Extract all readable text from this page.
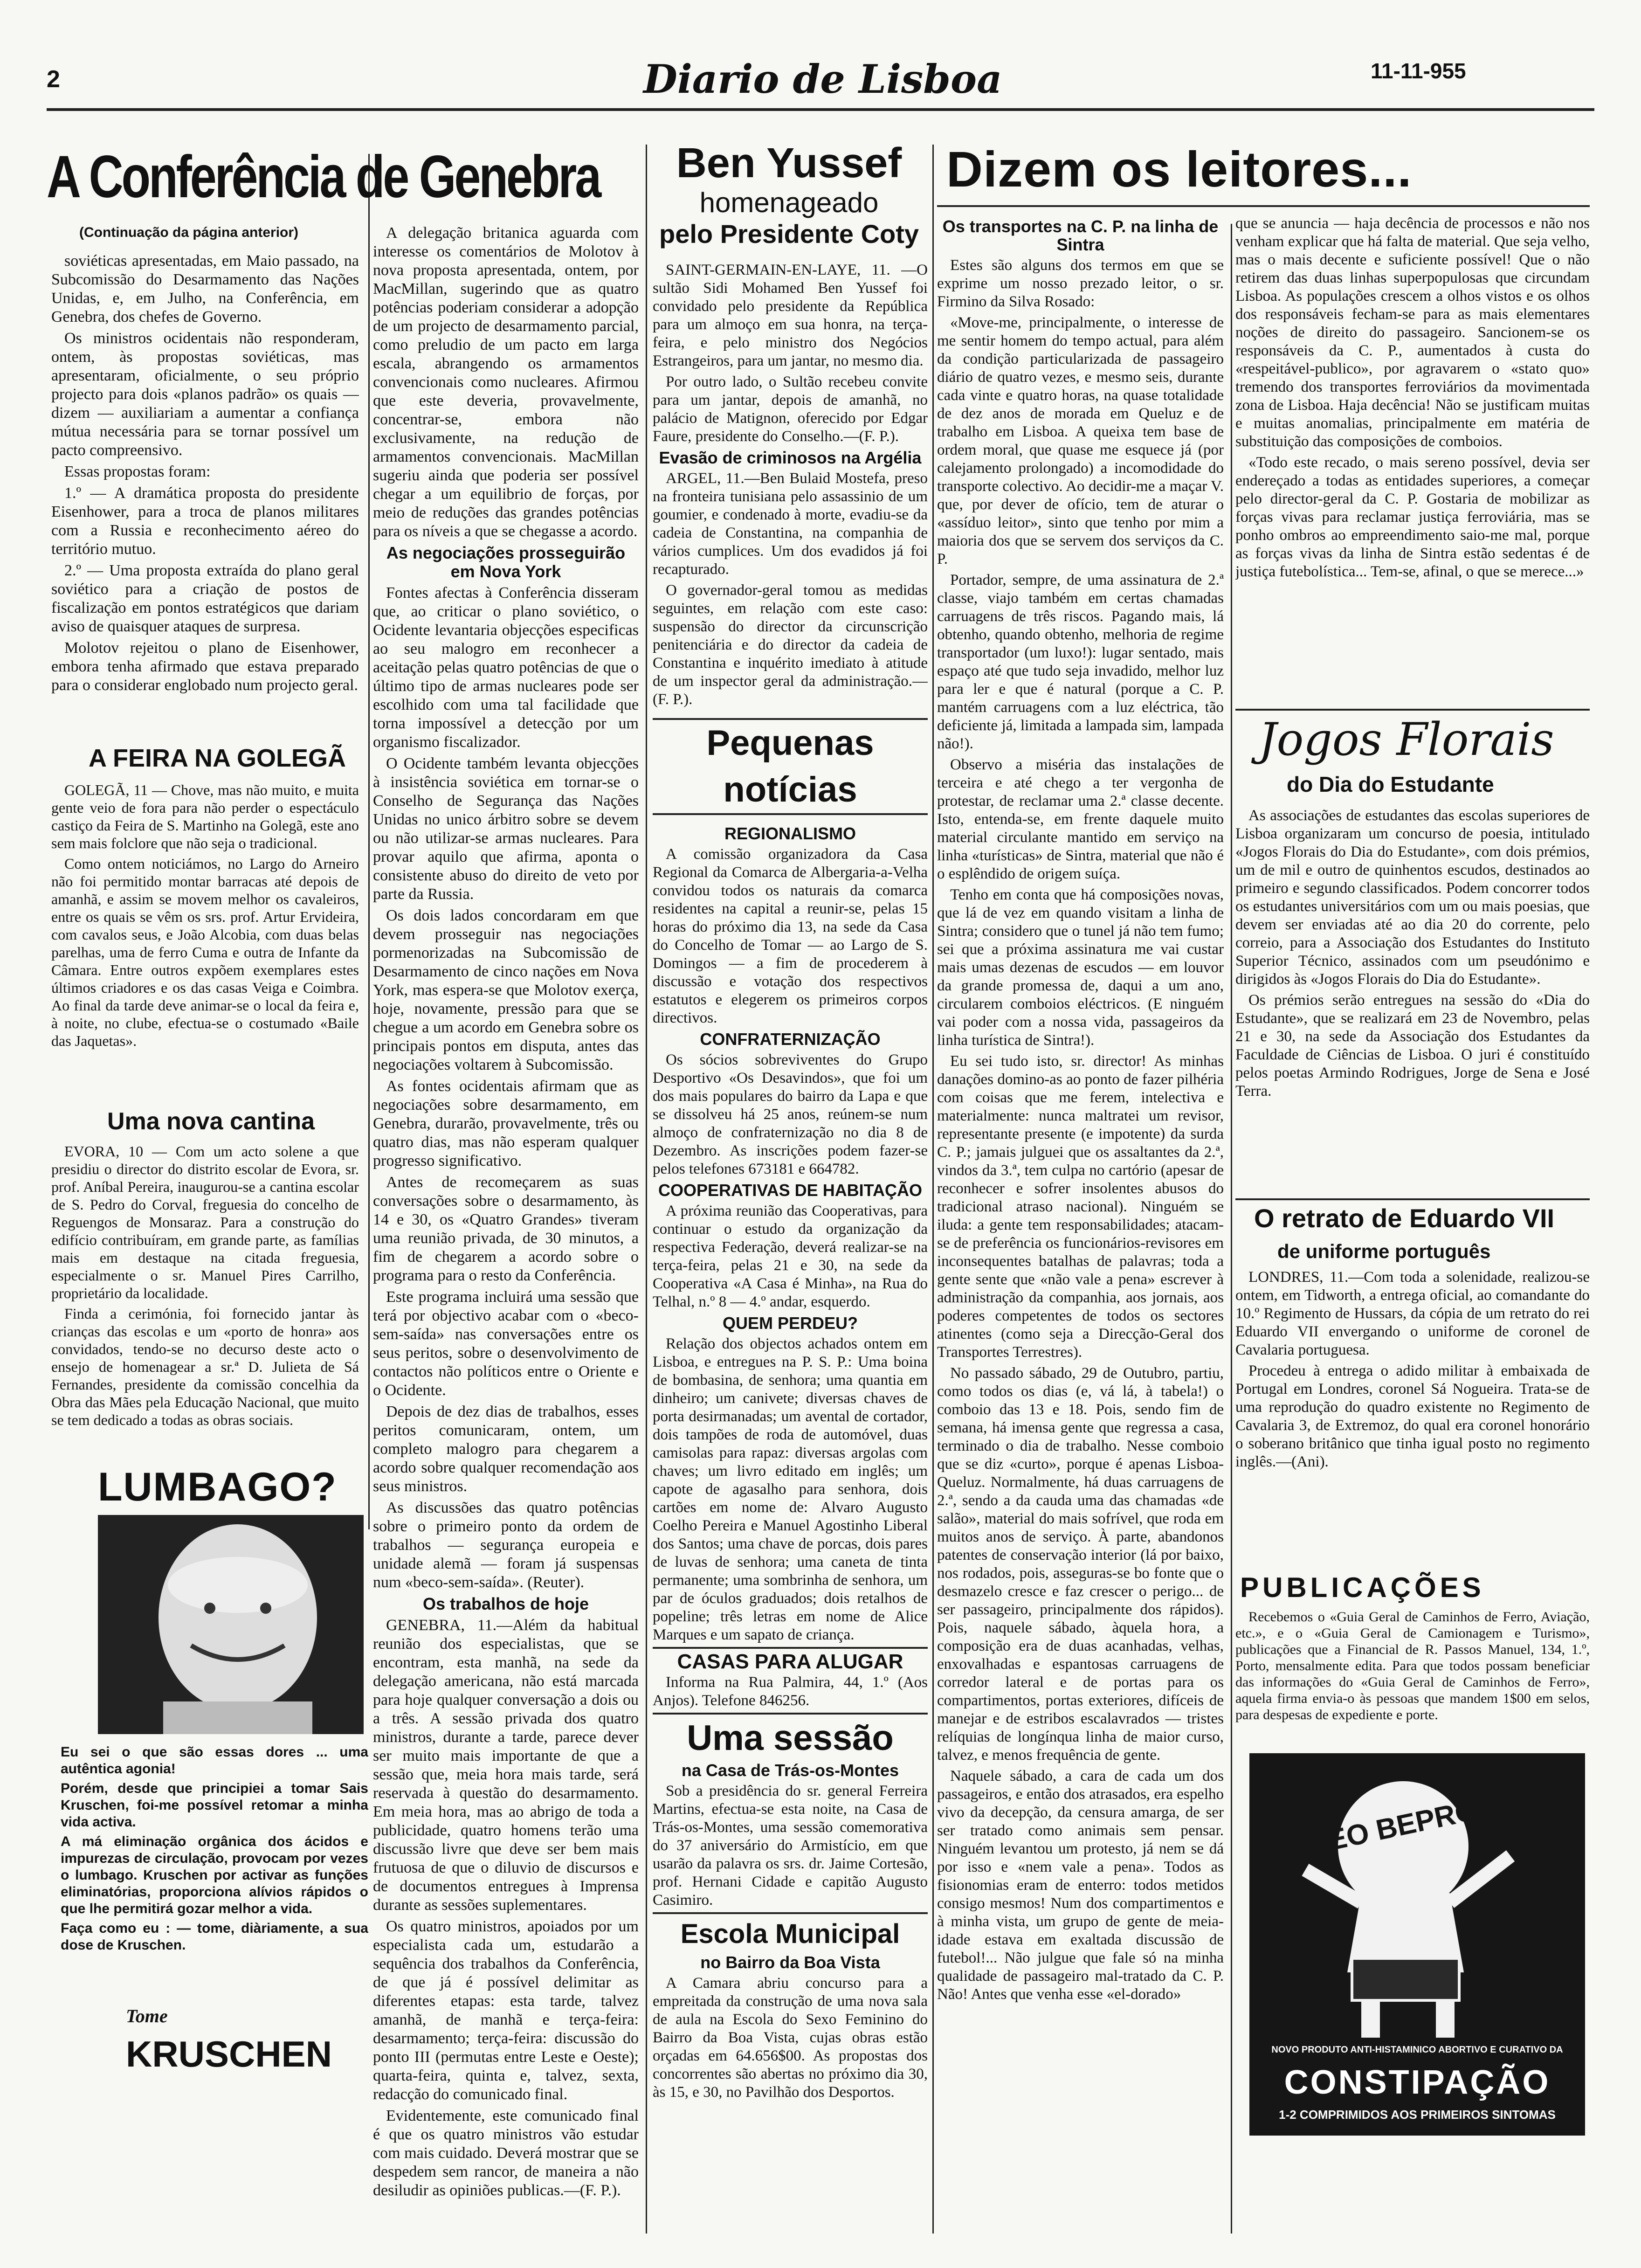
2	Diario de Lisboa	11-11-955
A Conferência de Genebra
(Continuação da página anterior)

soviéticas apresentadas, em Maio passado, na Subcomissão do Desarmamento das Nações Unidas, e, em Julho, na Conferência, em Genebra, dos chefes de Governo.

Os ministros ocidentais não responderam, ontem, às propostas soviéticas, mas apresentaram, oficialmente, o seu próprio projecto para dois «planos padrão» os quais — dizem — auxiliariam a aumentar a confiança mútua necessária para se tornar possível um pacto compreensivo.

Essas propostas foram:

1.º — A dramática proposta do presidente Eisenhower, para a troca de planos militares com a Russia e reconhecimento aéreo do território mutuo.

2.º — Uma proposta extraída do plano geral soviético para a criação de postos de fiscalização em pontos estratégicos que dariam aviso de quaisquer ataques de surpresa.

Molotov rejeitou o plano de Eisenhower, embora tenha afirmado que estava preparado para o considerar englobado num projecto geral.

A FEIRA NA GOLEGÃ

GOLEGÃ, 11 — Chove, mas não muito, e muita gente veio de fora para não perder o espectáculo castiço da Feira de S. Martinho na Golegã, este ano sem mais folclore que não seja o tradicional.

Como ontem noticiámos, no Largo do Arneiro não foi permitido montar barracas até depois de amanhã, e assim se movem melhor os cavaleiros, entre os quais se vêm os srs. prof. Artur Ervideira, com cavalos seus, e João Alcobia, com duas belas parelhas, uma de ferro Cuma e outra de Infante da Câmara. Entre outros expõem exemplares estes últimos criadores e os das casas Veiga e Coimbra. Ao final da tarde deve animar-se o local da feira e, à noite, no clube, efectua-se o costumado «Baile das Jaquetas».

Uma nova cantina

EVORA, 10 — Com um acto solene a que presidiu o director do distrito escolar de Evora, sr. prof. Aníbal Pereira, inaugurou-se a cantina escolar de S. Pedro do Corval, freguesia do concelho de Reguengos de Monsaraz. Para a construção do edifício contribuíram, em grande parte, as famílias mais em destaque na citada freguesia, especialmente o sr. Manuel Pires Carrilho, proprietário da localidade.

Finda a cerimónia, foi fornecido jantar às crianças das escolas e um «porto de honra» aos convidados, tendo-se no decurso deste acto o ensejo de homenagear a sr.ª D. Julieta de Sá Fernandes, presidente da comissão concelhia da Obra das Mães pela Educação Nacional, que muito se tem dedicado a todas as obras sociais.

LUMBAGO?

Eu sei o que são essas dores ... uma autêntica agonia!

Porém, desde que principiei a tomar Sais Kruschen, foi-me possível retomar a minha vida activa.

A má eliminação orgânica dos ácidos e impurezas de circulação, provocam por vezes o lumbago. Kruschen por activar as funções eliminatórias, proporciona alívios rápidos o que lhe permitirá gozar melhor a vida.

Faça como eu : — tome, diàriamente, a sua dose de Kruschen.

Tome
KRUSCHEN

A delegação britanica aguarda com interesse os comentários de Molotov à nova proposta apresentada, ontem, por MacMillan, sugerindo que as quatro potências poderiam considerar a adopção de um projecto de desarmamento parcial, como preludio de um pacto em larga escala, abrangendo os armamentos convencionais como nucleares. Afirmou que este deveria, provavelmente, concentrar-se, embora não exclusivamente, na redução de armamentos convencionais. MacMillan sugeriu ainda que poderia ser possível chegar a um equilibrio de forças, por meio de reduções das grandes potências para os níveis a que se chegasse a acordo.

As negociações prosseguirão em Nova York

Fontes afectas à Conferência disseram que, ao criticar o plano soviético, o Ocidente levantaria objecções especificas ao seu malogro em reconhecer a aceitação pelas quatro potências de que o último tipo de armas nucleares pode ser escolhido com uma tal facilidade que torna impossível a detecção por um organismo fiscalizador.

O Ocidente também levanta objecções à insistência soviética em tornar-se o Conselho de Segurança das Nações Unidas no unico árbitro sobre se devem ou não utilizar-se armas nucleares. Para provar aquilo que afirma, aponta o consistente abuso do direito de veto por parte da Russia.

Os dois lados concordaram em que devem prosseguir nas negociações pormenorizadas na Subcomissão de Desarmamento de cinco nações em Nova York, mas espera-se que Molotov exerça, hoje, novamente, pressão para que se chegue a um acordo em Genebra sobre os principais pontos em disputa, antes das negociações voltarem à Subcomissão.

As fontes ocidentais afirmam que as negociações sobre desarmamento, em Genebra, durarão, provavelmente, três ou quatro dias, mas não esperam qualquer progresso significativo.

Antes de recomeçarem as suas conversações sobre o desarmamento, às 14 e 30, os «Quatro Grandes» tiveram uma reunião privada, de 30 minutos, a fim de chegarem a acordo sobre o programa para o resto da Conferência.

Este programa incluirá uma sessão que terá por objectivo acabar com o «beco-sem-saída» nas conversações entre os seus peritos, sobre o desenvolvimento de contactos não políticos entre o Oriente e o Ocidente.

Depois de dez dias de trabalhos, esses peritos comunicaram, ontem, um completo malogro para chegarem a acordo sobre qualquer recomendação aos seus ministros.

As discussões das quatro potências sobre o primeiro ponto da ordem de trabalhos — segurança europeia e unidade alemã — foram já suspensas num «beco-sem-saída». (Reuter).

Os trabalhos de hoje

GENEBRA, 11.—Além da habitual reunião dos especialistas, que se encontram, esta manhã, na sede da delegação americana, não está marcada para hoje qualquer conversação a dois ou a três. A sessão privada dos quatro ministros, durante a tarde, parece dever ser muito mais importante de que a sessão que, meia hora mais tarde, será reservada à questão do desarmamento. Em meia hora, mas ao abrigo de toda a publicidade, quatro homens terão uma discussão livre que deve ser bem mais frutuosa de que o diluvio de discursos e de documentos entregues à Imprensa durante as sessões suplementares.

Os quatro ministros, apoiados por um especialista cada um, estudarão a sequência dos trabalhos da Conferência, de que já é possível delimitar as diferentes etapas: esta tarde, talvez amanhã, de manhã e terça-feira: desarmamento; terça-feira: discussão do ponto III (permutas entre Leste e Oeste); quarta-feira, quinta e, talvez, sexta, redacção do comunicado final.

Evidentemente, este comunicado final é que os quatro ministros vão estudar com mais cuidado. Deverá mostrar que se despedem sem rancor, de maneira a não desiludir as opiniões publicas.—(F. P.).

Ben Yussef
homenageado
pelo Presidente Coty

SAINT-GERMAIN-EN-LAYE, 11. —O sultão Sidi Mohamed Ben Yussef foi convidado pelo presidente da República para um almoço em sua honra, na terça-feira, e pelo ministro dos Negócios Estrangeiros, para um jantar, no mesmo dia.

Por outro lado, o Sultão recebeu convite para um jantar, depois de amanhã, no palácio de Matignon, oferecido por Edgar Faure, presidente do Conselho.—(F. P.).

Evasão de criminosos na Argélia

ARGEL, 11.—Ben Bulaid Mostefa, preso na fronteira tunisiana pelo assassinio de um goumier, e condenado à morte, evadiu-se da cadeia de Constantina, na companhia de vários cumplices. Um dos evadidos já foi recapturado.

O governador-geral tomou as medidas seguintes, em relação com este caso: suspensão do director da circunscrição penitenciária e do director da cadeia de Constantina e inquérito imediato à atitude de um inspector geral da administração.—(F. P.).

Pequenas notícias
REGIONALISMO

A comissão organizadora da Casa Regional da Comarca de Albergaria-a-Velha convidou todos os naturais da comarca residentes na capital a reunir-se, pelas 15 horas do próximo dia 13, na sede da Casa do Concelho de Tomar — ao Largo de S. Domingos — a fim de procederem à discussão e votação dos respectivos estatutos e elegerem os primeiros corpos directivos.

CONFRATERNIZAÇÃO

Os sócios sobreviventes do Grupo Desportivo «Os Desavindos», que foi um dos mais populares do bairro da Lapa e que se dissolveu há 25 anos, reúnem-se num almoço de confraternização no dia 8 de Dezembro. As inscrições podem fazer-se pelos telefones 673181 e 664782.

COOPERATIVAS DE HABITAÇÃO

A próxima reunião das Cooperativas, para continuar o estudo da organização da respectiva Federação, deverá realizar-se na terça-feira, pelas 21 e 30, na sede da Cooperativa «A Casa é Minha», na Rua do Telhal, n.º 8 — 4.º andar, esquerdo.

QUEM PERDEU?

Relação dos objectos achados ontem em Lisboa, e entregues na P. S. P.: Uma boina de bombasina, de senhora; uma quantia em dinheiro; um canivete; diversas chaves de porta desirmanadas; um avental de cortador, dois tampões de roda de automóvel, duas camisolas para rapaz: diversas argolas com chaves; um livro editado em inglês; um capote de agasalho para senhora, dois cartões em nome de: Alvaro Augusto Coelho Pereira e Manuel Agostinho Liberal dos Santos; uma chave de porcas, dois pares de luvas de senhora; uma caneta de tinta permanente; uma sombrinha de senhora, um par de óculos graduados; dois retalhos de popeline; três letras em nome de Alice Marques e um sapato de criança.

CASAS PARA ALUGAR

Informa na Rua Palmira, 44, 1.º (Aos Anjos). Telefone 846256.

Uma sessão
na Casa de Trás-os-Montes

Sob a presidência do sr. general Ferreira Martins, efectua-se esta noite, na Casa de Trás-os-Montes, uma sessão comemorativa do 37 aniversário do Armistício, em que usarão da palavra os srs. dr. Jaime Cortesão, prof. Hernani Cidade e capitão Augusto Casimiro.

Escola Municipal
no Bairro da Boa Vista

A Camara abriu concurso para a empreitada da construção de uma nova sala de aula na Escola do Sexo Feminino do Bairro da Boa Vista, cujas obras estão orçadas em 64.656$00. As propostas dos concorrentes são abertas no próximo dia 30, às 15, e 30, no Pavilhão dos Desportos.

Dizem os leitores...
Os transportes na C. P. na linha de Sintra

Estes são alguns dos termos em que se exprime um nosso prezado leitor, o sr. Firmino da Silva Rosado:

«Move-me, principalmente, o interesse de me sentir homem do tempo actual, para além da condição particularizada de passageiro diário de quatro vezes, e mesmo seis, durante cada vinte e quatro horas, na quase totalidade de dez anos de morada em Queluz e de trabalho em Lisboa. A queixa tem base de ordem moral, que quase me esquece já (por calejamento prolongado) a incomodidade do transporte colectivo. Ao decidir-me a maçar V. que, por dever de ofício, tem de aturar o «assíduo leitor», sinto que tenho por mim a maioria dos que se servem dos serviços da C. P.

Portador, sempre, de uma assinatura de 2.ª classe, viajo também em certas chamadas carruagens de três riscos. Pagando mais, lá obtenho, quando obtenho, melhoria de regime transportador (um luxo!): lugar sentado, mais espaço até que tudo seja invadido, melhor luz para ler e que é natural (porque a C. P. mantém carruagens com a luz eléctrica, tão deficiente já, limitada a lampada sim, lampada não!).

Observo a miséria das instalações de terceira e até chego a ter vergonha de protestar, de reclamar uma 2.ª classe decente. Isto, entenda-se, em frente daquele muito material circulante mantido em serviço na linha «turísticas» de Sintra, material que não é o esplêndido de origem suíça.

Tenho em conta que há composições novas, que lá de vez em quando visitam a linha de Sintra; considero que o tunel já não tem fumo; sei que a próxima assinatura me vai custar mais umas dezenas de escudos — em louvor da grande promessa de, daqui a um ano, circularem comboios eléctricos. (E ninguém vai poder com a nossa vida, passageiros da linha turística de Sintra!).

Eu sei tudo isto, sr. director! As minhas danações domino-as ao ponto de fazer pilhéria com coisas que me ferem, intelectiva e materialmente: nunca maltratei um revisor, representante presente (e impotente) da surda C. P.; jamais julguei que os assaltantes da 2.ª, vindos da 3.ª, tem culpa no cartório (apesar de reconhecer e sofrer insolentes abusos do tradicional atraso nacional). Ninguém se iluda: a gente tem responsabilidades; atacam-se de preferência os funcionários-revisores em inconsequentes batalhas de palavras; toda a gente sente que «não vale a pena» escrever à administração da companhia, aos jornais, aos poderes competentes de todos os sectores atinentes (como seja a Direcção-Geral dos Transportes Terrestres).

No passado sábado, 29 de Outubro, partiu, como todos os dias (e, vá lá, à tabela!) o comboio das 13 e 18. Pois, sendo fim de semana, há imensa gente que regressa a casa, terminado o dia de trabalho. Nesse comboio que se diz «curto», porque é apenas Lisboa-Queluz. Normalmente, há duas carruagens de 2.ª, sendo a da cauda uma das chamadas «de salão», material do mais sofrível, que roda em muitos anos de serviço. À parte, abandonos patentes de conservação interior (lá por baixo, nos rodados, pois, asseguras-se bo fonte que o desmazelo cresce e faz crescer o perigo... de ser passageiro, principalmente dos rápidos). Pois, naquele sábado, àquela hora, a composição era de duas acanhadas, velhas, enxovalhadas e espantosas carruagens de corredor lateral e de portas para os compartimentos, portas exteriores, difíceis de manejar e de estribos escalavrados — tristes relíquias de longínqua linha de maior curso, talvez, e menos frequência de gente.

Naquele sábado, a cara de cada um dos passageiros, e então dos atrasados, era espelho vivo da decepção, da censura amarga, de ser ser tratado como animais sem pensar. Ninguém levantou um protesto, já nem se dá por isso e «nem vale a pena». Todos as fisionomias eram de enterro: todos metidos consigo mesmos! Num dos compartimentos e à minha vista, um grupo de gente de meia-idade estava em exaltada discussão de futebol!... Não julgue que fale só na minha qualidade de passageiro mal-tratado da C. P. Não! Antes que venha esse «el-dorado»

que se anuncia — haja decência de processos e não nos venham explicar que há falta de material. Que seja velho, mas o mais decente e suficiente possível! Que o não retirem das duas linhas superpopulosas que circundam Lisboa. As populações crescem a olhos vistos e os olhos dos responsáveis fecham-se para as mais elementares noções de direito do passageiro. Sancionem-se os responsáveis da C. P., aumentados à custa do «respeitável-publico», por agravarem o «stato quo» tremendo dos transportes ferroviários da movimentada zona de Lisboa. Haja decência! Não se justificam muitas e muitas anomalias, principalmente em matéria de substituição das composições de comboios.

«Todo este recado, o mais sereno possível, devia ser endereçado a todas as entidades superiores, a começar pelo director-geral da C. P. Gostaria de mobilizar as forças vivas para reclamar justiça ferroviária, mas se ponho ombros ao empreendimento saio-me mal, porque as forças vivas da linha de Sintra estão sedentas é de justiça futebolística... Tem-se, afinal, o que se merece...»

Jogos Florais
do Dia do Estudante

As associações de estudantes das escolas superiores de Lisboa organizaram um concurso de poesia, intitulado «Jogos Florais do Dia do Estudante», com dois prémios, um de mil e outro de quinhentos escudos, destinados ao primeiro e segundo classificados. Podem concorrer todos os estudantes universitários com um ou mais poesias, que devem ser enviadas até ao dia 20 do corrente, pelo correio, para a Associação dos Estudantes do Instituto Superior Técnico, assinados com um pseudónimo e dirigidos às «Jogos Florais do Dia do Estudante».

Os prémios serão entregues na sessão do «Dia do Estudante», que se realizará em 23 de Novembro, pelas 21 e 30, na sede da Associação dos Estudantes da Faculdade de Ciências de Lisboa. O juri é constituído pelos poetas Armindo Rodrigues, Jorge de Sena e José Terra.

O retrato de Eduardo VII
de uniforme português

LONDRES, 11.—Com toda a solenidade, realizou-se ontem, em Tidworth, a entrega oficial, ao comandante do 10.º Regimento de Hussars, da cópia de um retrato do rei Eduardo VII envergando o uniforme de coronel de Cavalaria portuguesa.

Procedeu à entrega o adido militar à embaixada de Portugal em Londres, coronel Sá Nogueira. Trata-se de uma reprodução do quadro existente no Regimento de Cavalaria 3, de Extremoz, do qual era coronel honorário o soberano britânico que tinha igual posto no regimento inglês.—(Ani).

PUBLICAÇÕES

Recebemos o «Guia Geral de Caminhos de Ferro, Aviação, etc.», e o «Guia Geral de Camionagem e Turismo», publicações que a Financial de R. Passos Manuel, 134, 1.º, Porto, mensalmente edita. Para que todos possam beneficiar das informações do «Guia Geral de Caminhos de Ferro», aquela firma envia-o às pessoas que mandem 1$00 em selos, para despesas de expediente e porte.

NEO BEPROL
NOVO PRODUTO ANTI-HISTAMINICO ABORTIVO E CURATIVO DA
CONSTIPAÇÃO
1-2 COMPRIMIDOS AOS PRIMEIROS SINTOMAS
